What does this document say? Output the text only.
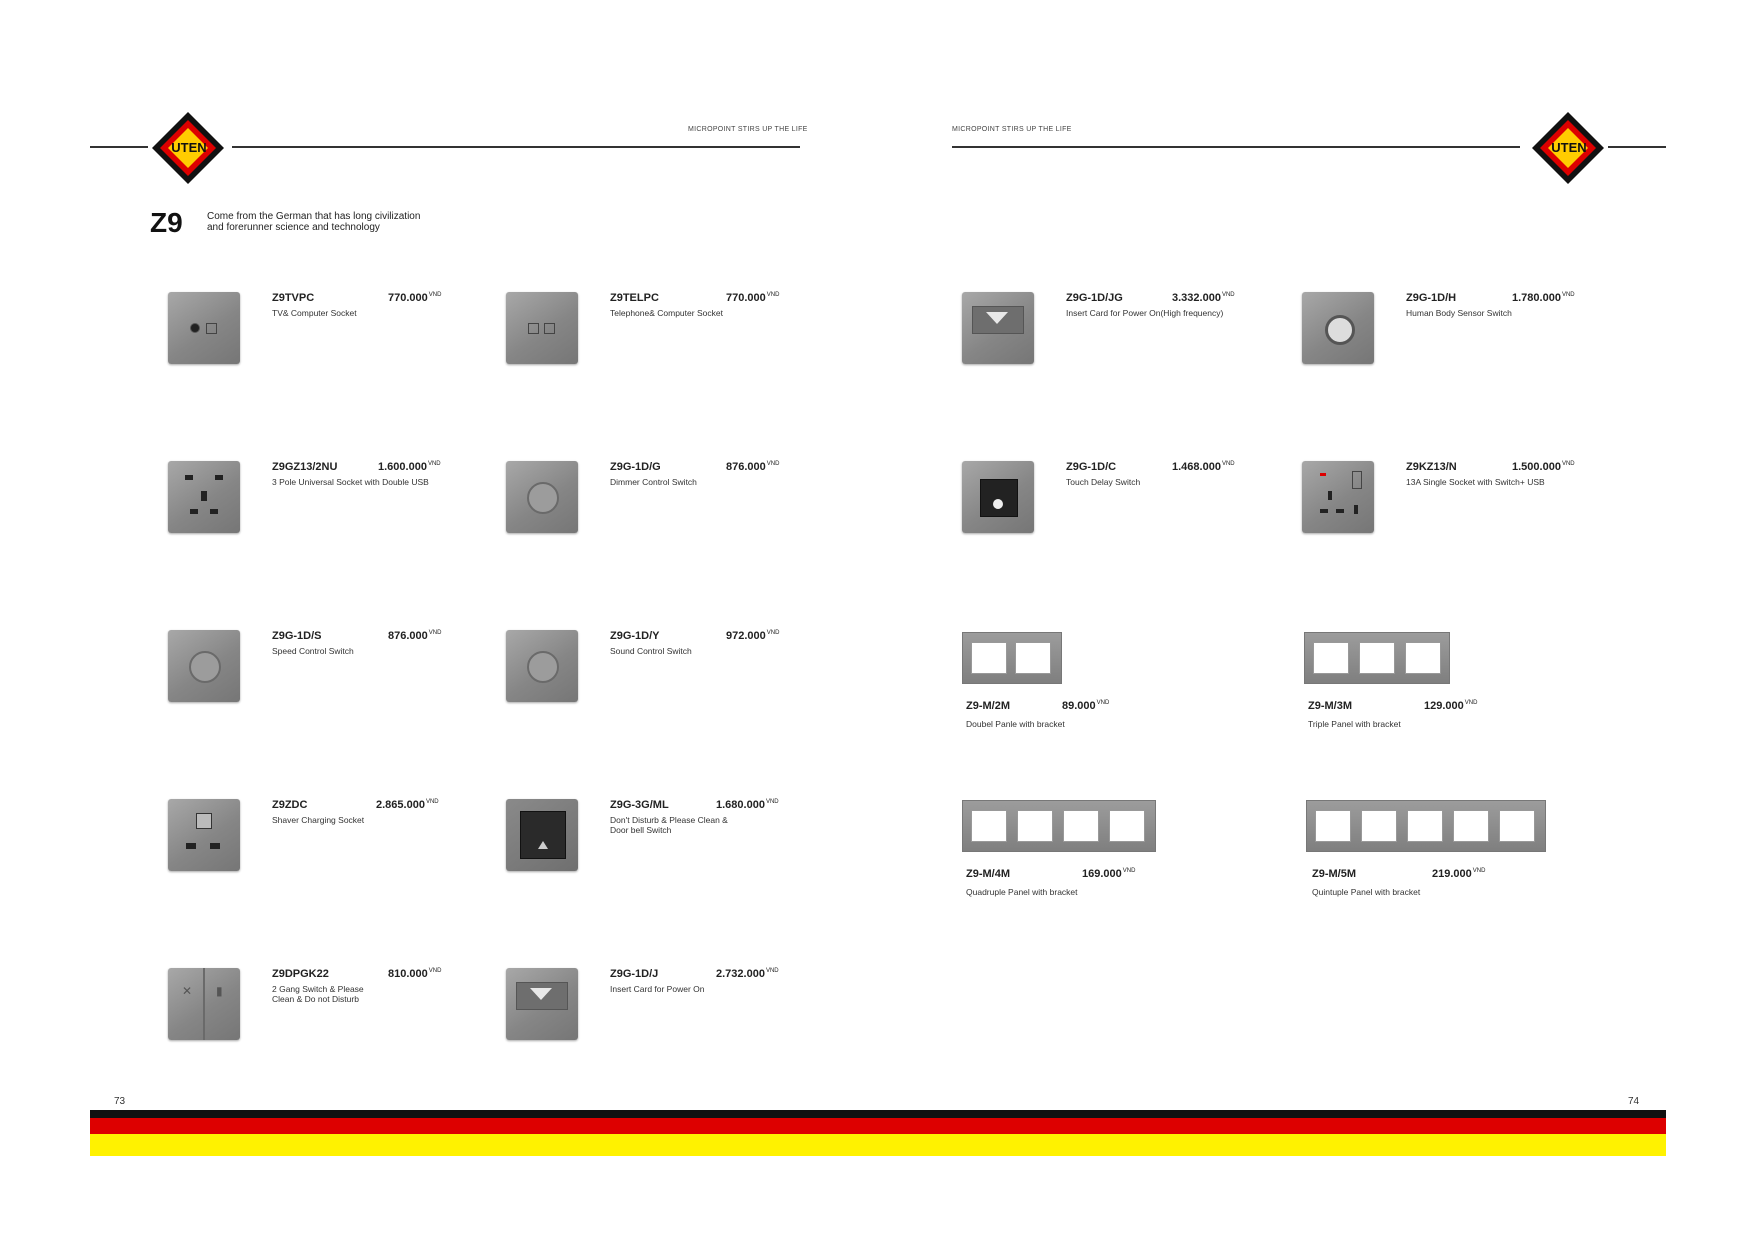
MICROPOINT STIRS UP THE LIFE
UTEN
MICROPOINT STIRS UP THE LIFE
UTEN
Z9 Come from the German that has long civilization
and forerunner science and technology
Z9TVPC	$770.000^{VND}$
TV& Computer Socket
Z9TELPC	$770.000^{VND}$
Telephone& Computer Socket
Z9GZ13/2NU	$1.600.000^{VND}$
3 Pole Universal Socket with Double USB
Z9G-1D/G	$876.000^{VND}$
Dimmer Control Switch
Z9G-1D/S	$876.000^{VND}$
Speed Control Switch
Z9G-1D/Y	$972.000^{VND}$
Sound Control Switch
Z9ZDC	$2.865.000^{VND}$
Shaver Charging Socket
Z9G-3G/ML	$1.680.000^{VND}$
Don't Disturb & Please Clean & Door bell Switch
✕ ▮
Z9DPGK22	$810.000^{VND}$
2 Gang Switch & Please Clean & Do not Disturb
Z9G-1D/J	$2.732.000^{VND}$
Insert Card for Power On
Z9G-1D/JG	$3.332.000^{VND}$
Insert Card for Power On(High frequency)
Z9G-1D/H	$1.780.000^{VND}$
Human Body Sensor Switch
Z9G-1D/C	$1.468.000^{VND}$
Touch Delay Switch
Z9KZ13/N	$1.500.000^{VND}$
13A Single Socket with Switch+ USB
Z9-M/2M	$89.000^{VND}$
Doubel Panle with bracket
Z9-M/3M	$129.000^{VND}$
Triple Panel with bracket
Z9-M/4M	$169.000^{VND}$
Quadruple Panel with bracket
Z9-M/5M	$219.000^{VND}$
Quintuple Panel with bracket
73	74
